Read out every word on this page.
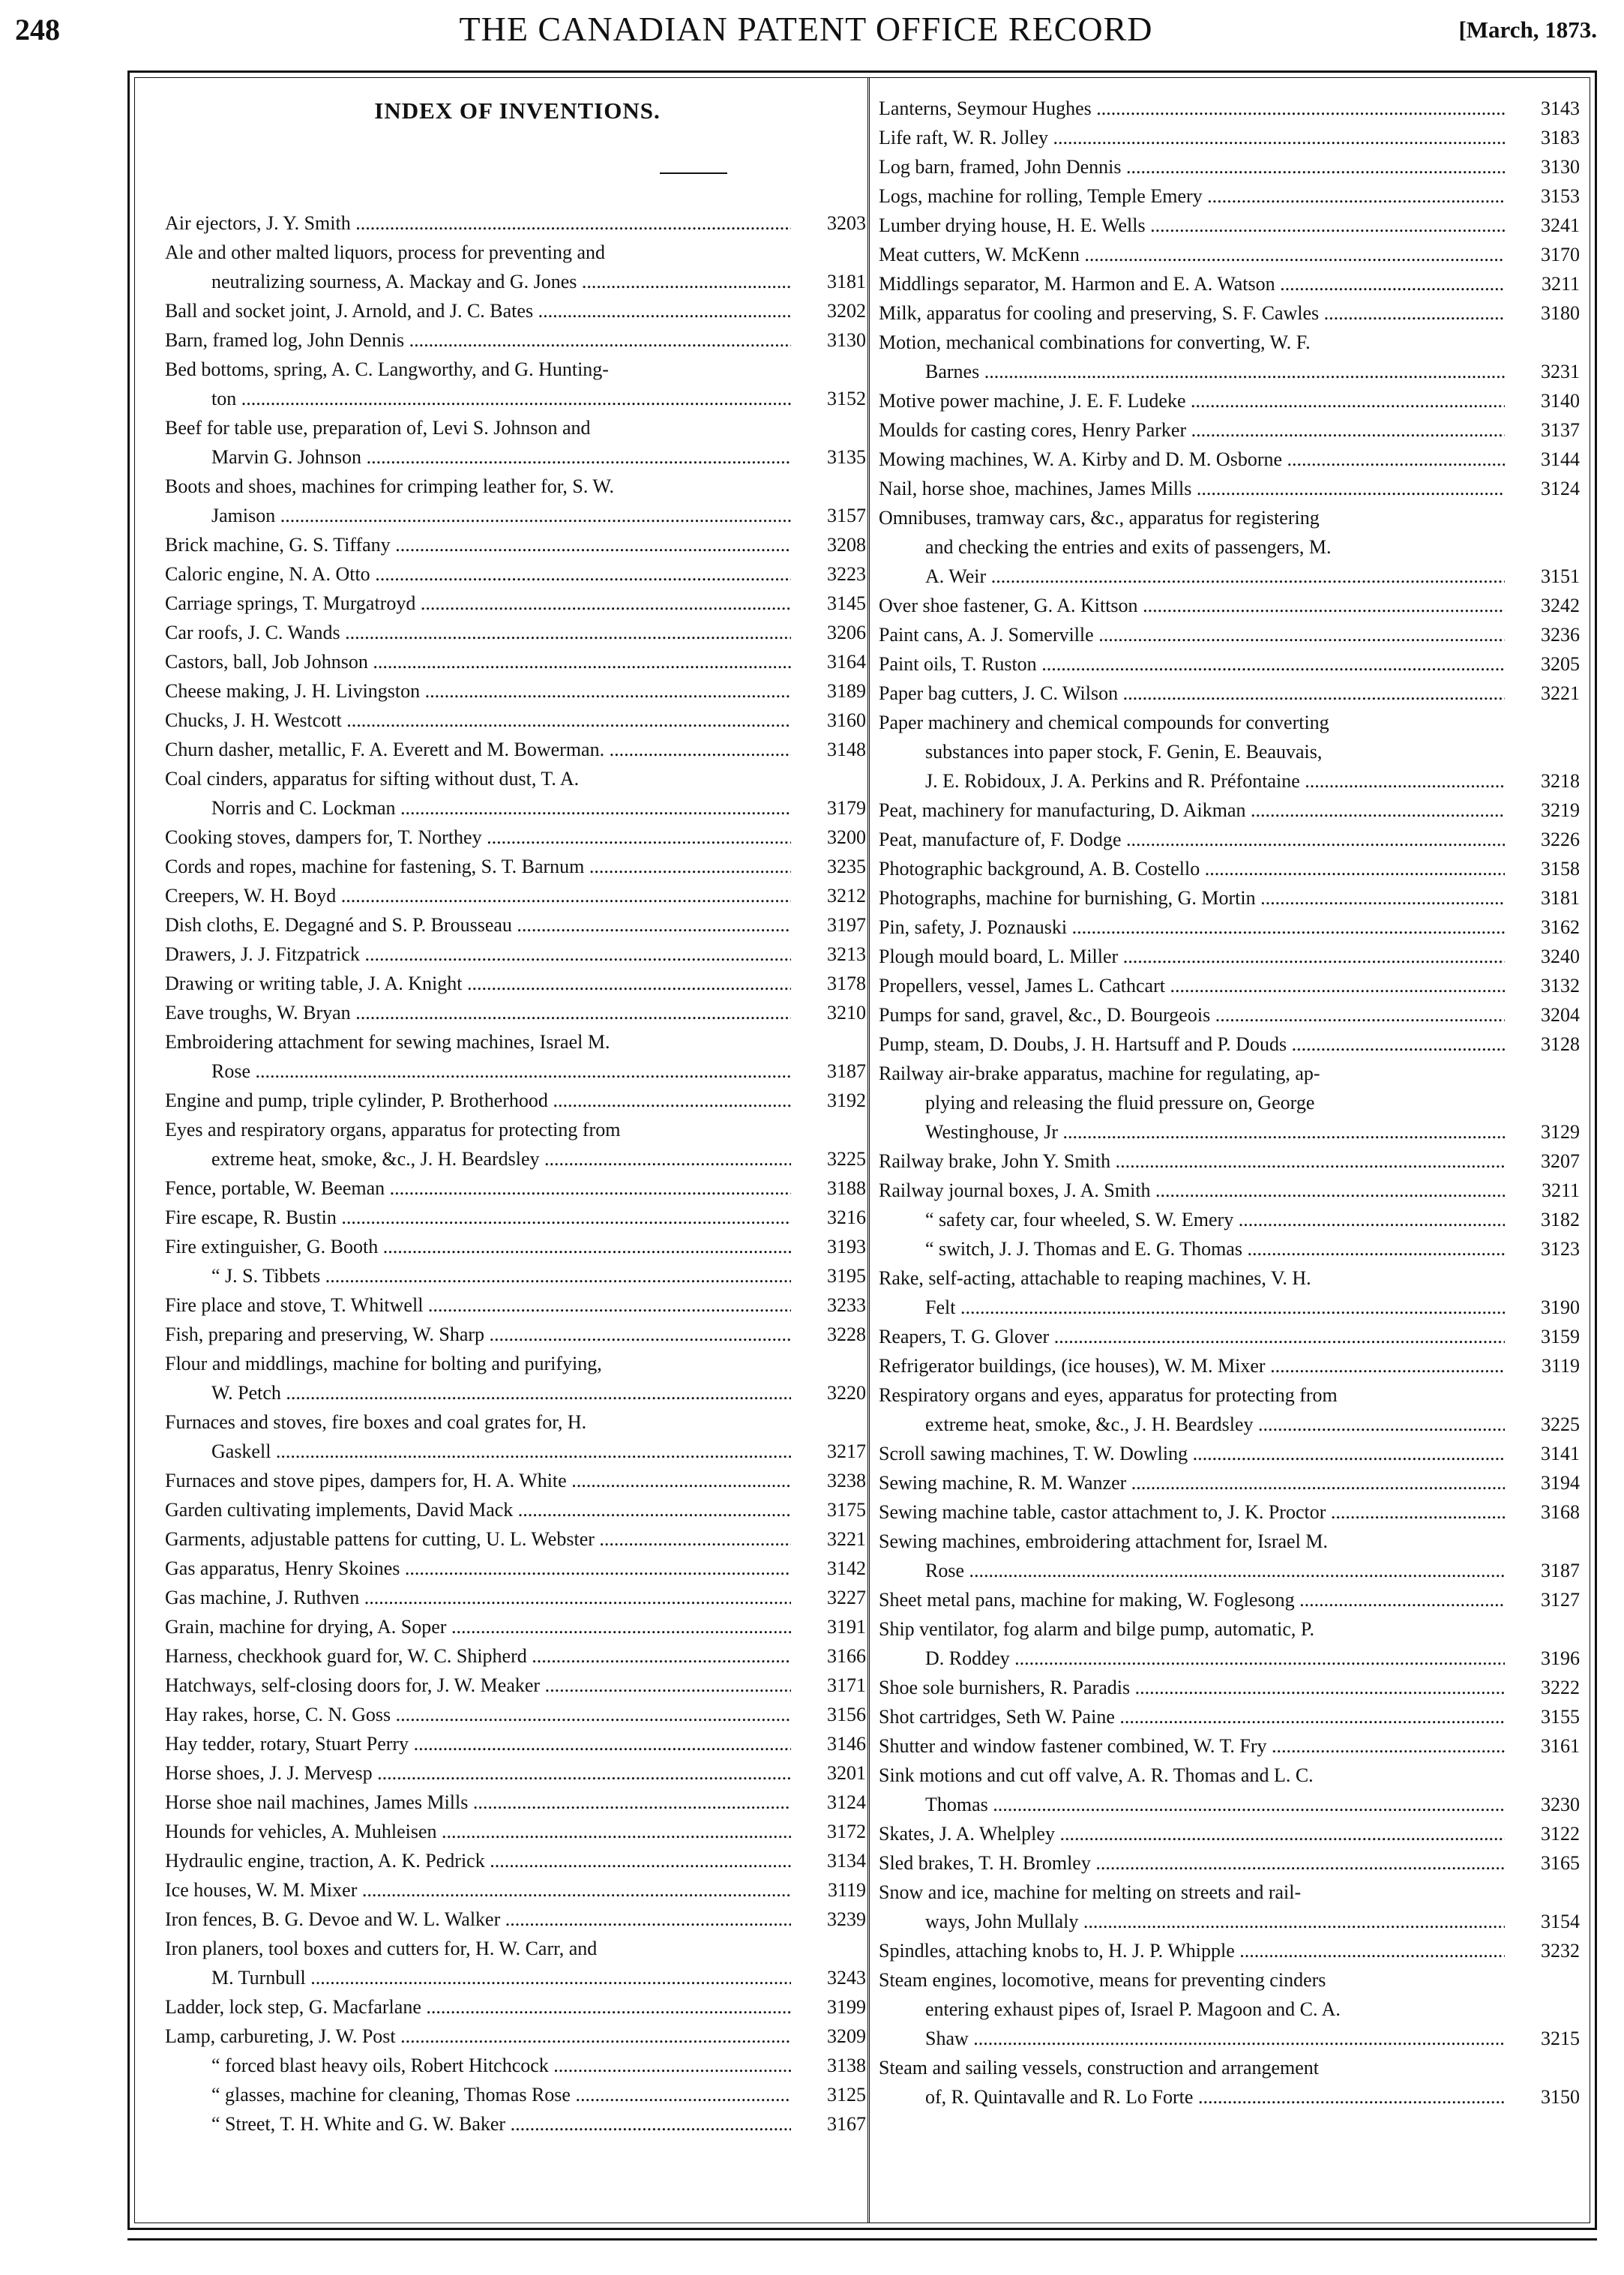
248	THE CANADIAN PATENT OFFICE RECORD	[March, 1873.
INDEX OF INVENTIONS.
Air ejectors, J. Y. Smith .....	3203
Ale and other malted liquors, process for preventing and
neutralizing sourness, A. Mackay and G. Jones .....	3181
Ball and socket joint, J. Arnold, and J. C. Bates .....	3202
Barn, framed log, John Dennis .....	3130
Bed bottoms, spring, A. C. Langworthy, and G. Hunting-
ton .....	3152
Beef for table use, preparation of, Levi S. Johnson and
Marvin G. Johnson .....	3135
Boots and shoes, machines for crimping leather for, S. W.
Jamison .....	3157
Brick machine, G. S. Tiffany .....	3208
Caloric engine, N. A. Otto .....	3223
Carriage springs, T. Murgatroyd .....	3145
Car roofs, J. C. Wands .....	3206
Castors, ball, Job Johnson .....	3164
Cheese making, J. H. Livingston .....	3189
Chucks, J. H. Westcott .....	3160
Churn dasher, metallic, F. A. Everett and M. Bowerman. .....	3148
Coal cinders, apparatus for sifting without dust, T. A.
Norris and C. Lockman .....	3179
Cooking stoves, dampers for, T. Northey .....	3200
Cords and ropes, machine for fastening, S. T. Barnum .....	3235
Creepers, W. H. Boyd .....	3212
Dish cloths, E. Degagné and S. P. Brousseau .....	3197
Drawers, J. J. Fitzpatrick .....	3213
Drawing or writing table, J. A. Knight .....	3178
Eave troughs, W. Bryan .....	3210
Embroidering attachment for sewing machines, Israel M.
Rose .....	3187
Engine and pump, triple cylinder, P. Brotherhood .....	3192
Eyes and respiratory organs, apparatus for protecting from
extreme heat, smoke, &c., J. H. Beardsley .....	3225
Fence, portable, W. Beeman .....	3188
Fire escape, R. Bustin .....	3216
Fire extinguisher, G. Booth .....	3193
“ J. S. Tibbets .....	3195
Fire place and stove, T. Whitwell .....	3233
Fish, preparing and preserving, W. Sharp .....	3228
Flour and middlings, machine for bolting and purifying,
W. Petch .....	3220
Furnaces and stoves, fire boxes and coal grates for, H.
Gaskell .....	3217
Furnaces and stove pipes, dampers for, H. A. White .....	3238
Garden cultivating implements, David Mack .....	3175
Garments, adjustable pattens for cutting, U. L. Webster .....	3221
Gas apparatus, Henry Skoines .....	3142
Gas machine, J. Ruthven .....	3227
Grain, machine for drying, A. Soper .....	3191
Harness, checkhook guard for, W. C. Shipherd .....	3166
Hatchways, self-closing doors for, J. W. Meaker .....	3171
Hay rakes, horse, C. N. Goss .....	3156
Hay tedder, rotary, Stuart Perry .....	3146
Horse shoes, J. J. Mervesp .....	3201
Horse shoe nail machines, James Mills .....	3124
Hounds for vehicles, A. Muhleisen .....	3172
Hydraulic engine, traction, A. K. Pedrick .....	3134
Ice houses, W. M. Mixer .....	3119
Iron fences, B. G. Devoe and W. L. Walker .....	3239
Iron planers, tool boxes and cutters for, H. W. Carr, and
M. Turnbull .....	3243
Ladder, lock step, G. Macfarlane .....	3199
Lamp, carbureting, J. W. Post .....	3209
“ forced blast heavy oils, Robert Hitchcock .....	3138
“ glasses, machine for cleaning, Thomas Rose .....	3125
“ Street, T. H. White and G. W. Baker .....	3167
Lanterns, Seymour Hughes .....	3143
Life raft, W. R. Jolley .....	3183
Log barn, framed, John Dennis .....	3130
Logs, machine for rolling, Temple Emery .....	3153
Lumber drying house, H. E. Wells .....	3241
Meat cutters, W. McKenn .....	3170
Middlings separator, M. Harmon and E. A. Watson .....	3211
Milk, apparatus for cooling and preserving, S. F. Cawles .....	3180
Motion, mechanical combinations for converting, W. F.
Barnes .....	3231
Motive power machine, J. E. F. Ludeke .....	3140
Moulds for casting cores, Henry Parker .....	3137
Mowing machines, W. A. Kirby and D. M. Osborne .....	3144
Nail, horse shoe, machines, James Mills .....	3124
Omnibuses, tramway cars, &c., apparatus for registering
and checking the entries and exits of passengers, M.
A. Weir .....	3151
Over shoe fastener, G. A. Kittson .....	3242
Paint cans, A. J. Somerville .....	3236
Paint oils, T. Ruston .....	3205
Paper bag cutters, J. C. Wilson .....	3221
Paper machinery and chemical compounds for converting
substances into paper stock, F. Genin, E. Beauvais,
J. E. Robidoux, J. A. Perkins and R. Préfontaine .....	3218
Peat, machinery for manufacturing, D. Aikman .....	3219
Peat, manufacture of, F. Dodge .....	3226
Photographic background, A. B. Costello .....	3158
Photographs, machine for burnishing, G. Mortin .....	3181
Pin, safety, J. Poznauski .....	3162
Plough mould board, L. Miller .....	3240
Propellers, vessel, James L. Cathcart .....	3132
Pumps for sand, gravel, &c., D. Bourgeois .....	3204
Pump, steam, D. Doubs, J. H. Hartsuff and P. Douds .....	3128
Railway air-brake apparatus, machine for regulating, ap-
plying and releasing the fluid pressure on, George
Westinghouse, Jr .....	3129
Railway brake, John Y. Smith .....	3207
Railway journal boxes, J. A. Smith .....	3211
“ safety car, four wheeled, S. W. Emery .....	3182
“ switch, J. J. Thomas and E. G. Thomas .....	3123
Rake, self-acting, attachable to reaping machines, V. H.
Felt .....	3190
Reapers, T. G. Glover .....	3159
Refrigerator buildings, (ice houses), W. M. Mixer .....	3119
Respiratory organs and eyes, apparatus for protecting from
extreme heat, smoke, &c., J. H. Beardsley .....	3225
Scroll sawing machines, T. W. Dowling .....	3141
Sewing machine, R. M. Wanzer .....	3194
Sewing machine table, castor attachment to, J. K. Proctor .....	3168
Sewing machines, embroidering attachment for, Israel M.
Rose .....	3187
Sheet metal pans, machine for making, W. Foglesong .....	3127
Ship ventilator, fog alarm and bilge pump, automatic, P.
D. Roddey .....	3196
Shoe sole burnishers, R. Paradis .....	3222
Shot cartridges, Seth W. Paine .....	3155
Shutter and window fastener combined, W. T. Fry .....	3161
Sink motions and cut off valve, A. R. Thomas and L. C.
Thomas .....	3230
Skates, J. A. Whelpley .....	3122
Sled brakes, T. H. Bromley .....	3165
Snow and ice, machine for melting on streets and rail-
ways, John Mullaly .....	3154
Spindles, attaching knobs to, H. J. P. Whipple .....	3232
Steam engines, locomotive, means for preventing cinders
entering exhaust pipes of, Israel P. Magoon and C. A.
Shaw .....	3215
Steam and sailing vessels, construction and arrangement
of, R. Quintavalle and R. Lo Forte .....	3150
